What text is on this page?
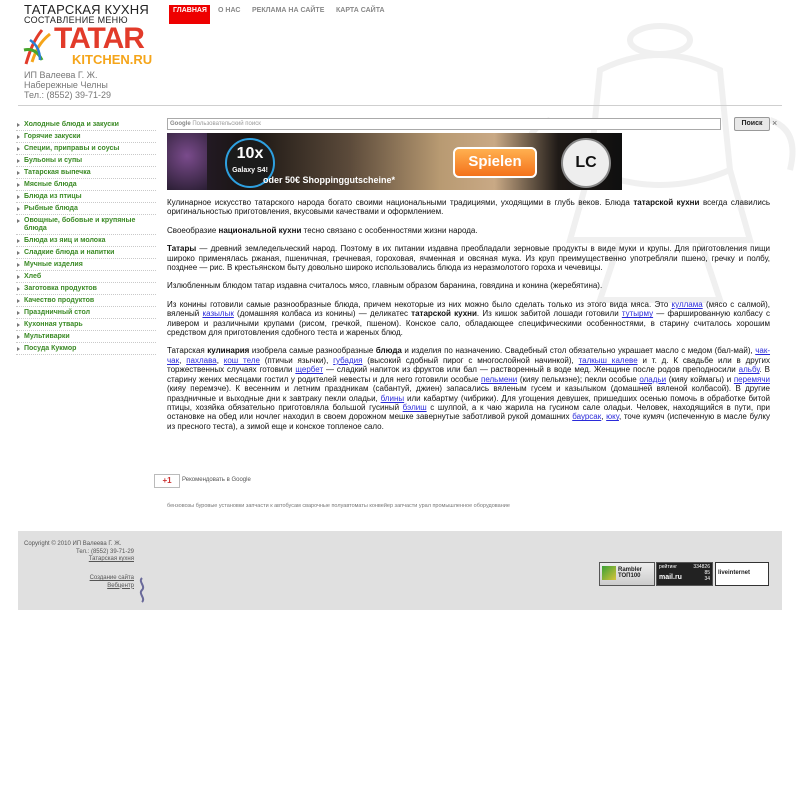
ТАТАРСКАЯ КУХНЯ
СОСТАВЛЕНИЕ МЕНЮ
TATAR
KITCHEN.RU
ИП Валеева Г. Ж.
Набережные Челны
Тел.: (8552) 39-71-29
ГЛАВНАЯ	О НАС РЕКЛАМА НА САЙТЕ КАРТА САЙТА
Холодные блюда и закуски
Горячие закуски
Специи, приправы и соусы
Бульоны и супы
Татарская выпечка
Мясные блюда
Блюда из птицы
Рыбные блюда
Овощные, бобовые и крупяные блюда
Блюда из яиц и молока
Сладкие блюда и напитки
Мучные изделия
Хлеб
Заготовка продуктов
Качество продуктов
Праздничный стол
Кухонная утварь
Мультиварки
Посуда Кукмор
Google Пользовательский поиск	Поиск	×
10x
Galaxy S4!
oder 50€ Shoppinggutscheine*
Spielen	LC

Кулинарное искусство татарского народа богато своими национальными традициями, уходящими в глубь веков. Блюда татарской кухни всегда славились оригинальностью приготовления, вкусовыми качествами и оформлением.

Своеобразие национальной кухни тесно связано с особенностями жизни народа.

Татары — древний земледельческий народ. Поэтому в их питании издавна преобладали зерновые продукты в виде муки и крупы. Для приготовления пищи широко применялась ржаная, пшеничная, гречневая, гороховая, ячменная и овсяная мука. Из круп преимущественно употребляли пшено, гречку и полбу, позднее — рис. В крестьянском быту довольно широко использовались блюда из неразмолотого гороха и чечевицы.

Излюбленным блюдом татар издавна считалось мясо, главным образом баранина, говядина и конина (жеребятина).

Из конины готовили самые разнообразные блюда, причем некоторые из них можно было сделать только из этого вида мяса. Это куллама (мясо с салмой), вяленый казылык (домашняя колбаса из конины) — деликатес татарской кухни. Из кишок забитой лошади готовили тутырму — фаршированную колбасу с ливером и различными крупами (рисом, гречкой, пшеном). Конское сало, обладающее специфическими особенностями, в старину считалось хорошим средством для приготовления сдобного теста и жареных блюд.

Татарская кулинария изобрела самые разнообразные блюда и изделия по назначению. Свадебный стол обязательно украшает масло с медом (бал-май), чак-чак, пахлава, кош теле (птичьи язычки), губадия (высокий сдобный пирог с многослойной начинкой), талкыш калеве и т. д. К свадьбе или в других торжественных случаях готовили щербет — сладкий напиток из фруктов или бал — растворенный в воде мед. Женщине после родов преподносили альбу. В старину жених месяцами гостил у родителей невесты и для него готовили особые пельмени (кияу пельмэне); пекли особые оладьи (кияу коймагы) и перемячи (кияу перемэче). К весенним и летним праздникам (сабантуй, джиен) запасались вяленым гусем и казылыком (домашней вяленой колбасой). В другие праздничные и выходные дни к завтраку пекли оладьи, блины или кабартму (чибрики). Для угощения девушек, пришедших осенью помочь в обработке битой птицы, хозяйка обязательно приготовляла большой гусиный бэлиш с шулпой, а к чаю жарила на гусином сале оладьи. Человек, находящийся в пути, при остановке на обед или ночлег находил в своем дорожном мешке завернутые заботливой рукой домашних баурсак, юку, точе кумяч (испеченную в масле булку из пресного теста), а зимой еще и конское топленое сало.

+1	Рекомендовать в Google
бензовозы буровые установки запчасти к автобусам сварочные полуавтоматы конвейер запчасти урал промышленное оборудование
Copyright © 2010 ИП Валеева Г. Ж.
Тел.: (8552) 39-71-29
Татарская кухня
Создание сайта
Вебцентр
Rambler ТОП100
рейтинг	334826
85
34
mail.ru
liveinternet
